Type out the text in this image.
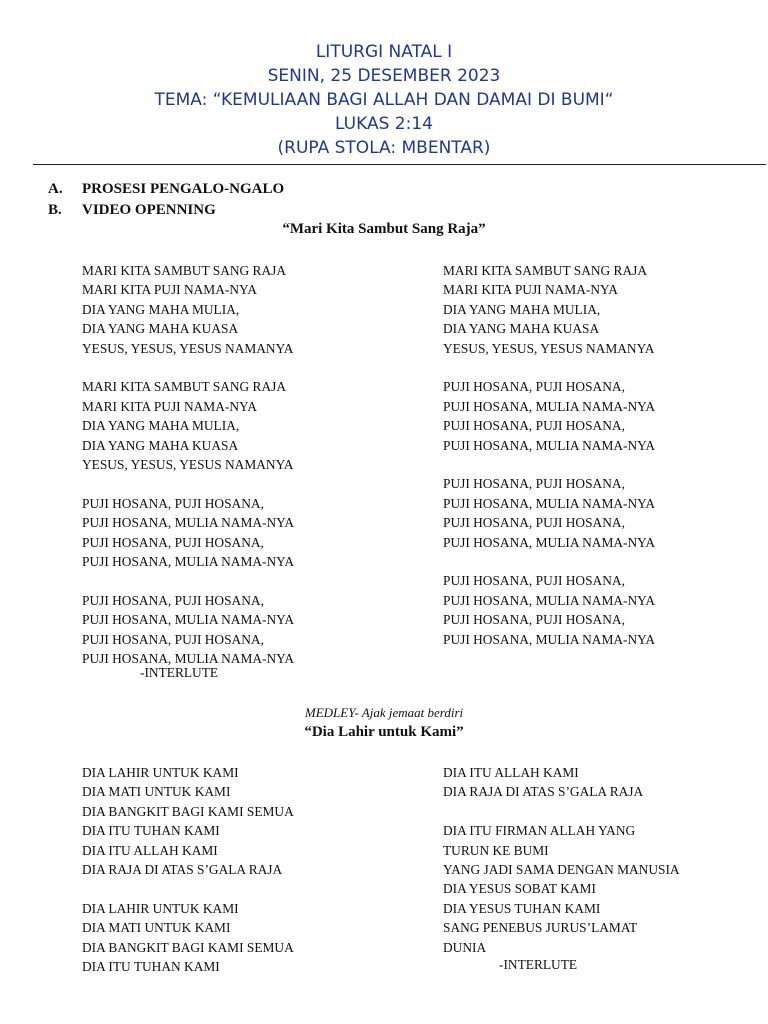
LITURGI NATAL I
SENIN, 25 DESEMBER 2023
TEMA: “KEMULIAAN BAGI ALLAH DAN DAMAI DI BUMI“
LUKAS 2:14
(RUPA STOLA: MBENTAR)
A. PROSESI PENGALO-NGALO
B. VIDEO OPENNING
“Mari Kita Sambut Sang Raja”
MARI KITA SAMBUT SANG RAJA
MARI KITA PUJI NAMA-NYA
DIA YANG MAHA MULIA,
DIA YANG MAHA KUASA
YESUS, YESUS, YESUS NAMANYA
MARI KITA SAMBUT SANG RAJA
MARI KITA PUJI NAMA-NYA
DIA YANG MAHA MULIA,
DIA YANG MAHA KUASA
YESUS, YESUS, YESUS NAMANYA
PUJI HOSANA, PUJI HOSANA,
PUJI HOSANA, MULIA NAMA-NYA
PUJI HOSANA, PUJI HOSANA,
PUJI HOSANA, MULIA NAMA-NYA
PUJI HOSANA, PUJI HOSANA,
PUJI HOSANA, MULIA NAMA-NYA
PUJI HOSANA, PUJI HOSANA,
PUJI HOSANA, MULIA NAMA-NYA
MARI KITA SAMBUT SANG RAJA
MARI KITA PUJI NAMA-NYA
DIA YANG MAHA MULIA,
DIA YANG MAHA KUASA
YESUS, YESUS, YESUS NAMANYA
PUJI HOSANA, PUJI HOSANA,
PUJI HOSANA, MULIA NAMA-NYA
PUJI HOSANA, PUJI HOSANA,
PUJI HOSANA, MULIA NAMA-NYA
PUJI HOSANA, PUJI HOSANA,
PUJI HOSANA, MULIA NAMA-NYA
PUJI HOSANA, PUJI HOSANA,
PUJI HOSANA, MULIA NAMA-NYA
PUJI HOSANA, PUJI HOSANA,
PUJI HOSANA, MULIA NAMA-NYA
PUJI HOSANA, PUJI HOSANA,
PUJI HOSANA, MULIA NAMA-NYA
-INTERLUTE
MEDLEY- Ajak jemaat berdiri
“Dia Lahir untuk Kami”
DIA LAHIR UNTUK KAMI
DIA MATI UNTUK KAMI
DIA BANGKIT BAGI KAMI SEMUA
DIA ITU TUHAN KAMI
DIA ITU ALLAH KAMI
DIA RAJA DI ATAS S’GALA RAJA
DIA LAHIR UNTUK KAMI
DIA MATI UNTUK KAMI
DIA BANGKIT BAGI KAMI SEMUA
DIA ITU TUHAN KAMI
DIA ITU ALLAH KAMI
DIA RAJA DI ATAS S’GALA RAJA
DIA ITU FIRMAN ALLAH YANG
TURUN KE BUMI
YANG JADI SAMA DENGAN MANUSIA
DIA YESUS SOBAT KAMI
DIA YESUS TUHAN KAMI
SANG PENEBUS JURUS’LAMAT
DUNIA
-INTERLUTE
